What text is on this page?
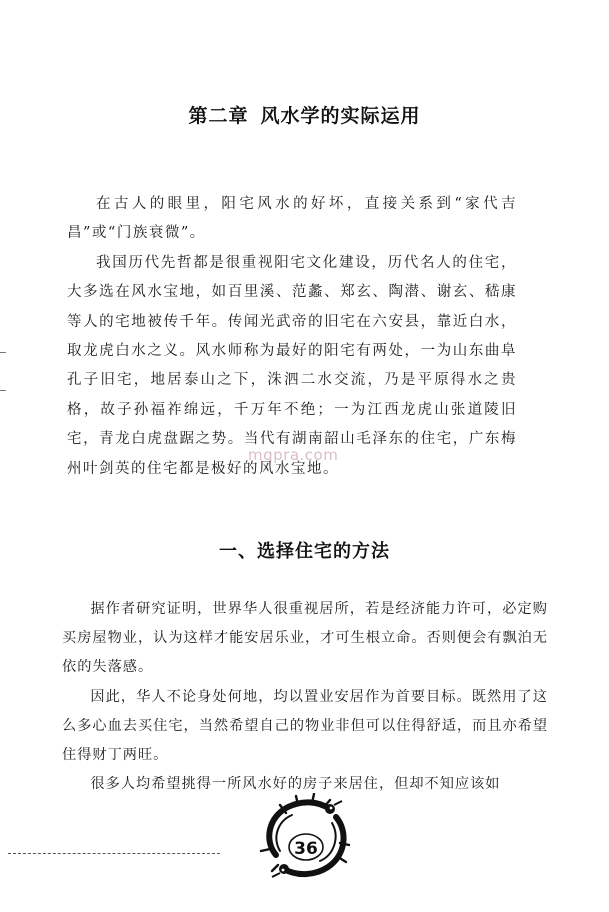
第二章 风水学的实际运用

在古人的眼里，阳宅风水的好坏，直接关系到“家代吉昌”或“门族衰微”。

我国历代先哲都是很重视阳宅文化建设，历代名人的住宅，大多选在风水宝地，如百里溪、范蠡、郑玄、陶潜、谢玄、嵇康等人的宅地被传千年。传闻光武帝的旧宅在六安县，靠近白水，取龙虎白水之义。风水师称为最好的阳宅有两处，一为山东曲阜孔子旧宅，地居泰山之下，洙泗二水交流，乃是平原得水之贵格，故子孙福祚绵远，千万年不绝；一为江西龙虎山张道陵旧宅，青龙白虎盘踞之势。当代有湖南韶山毛泽东的住宅，广东梅州叶剑英的住宅都是极好的风水宝地。

mqpra.com
一、选择住宅的方法

据作者研究证明，世界华人很重视居所，若是经济能力许可，必定购买房屋物业，认为这样才能安居乐业，才可生根立命。否则便会有飘泊无依的失落感。

因此，华人不论身处何地，均以置业安居作为首要目标。既然用了这么多心血去买住宅，当然希望自己的物业非但可以住得舒适，而且亦希望住得财丁两旺。

很多人均希望挑得一所风水好的房子来居住，但却不知应该如

36
